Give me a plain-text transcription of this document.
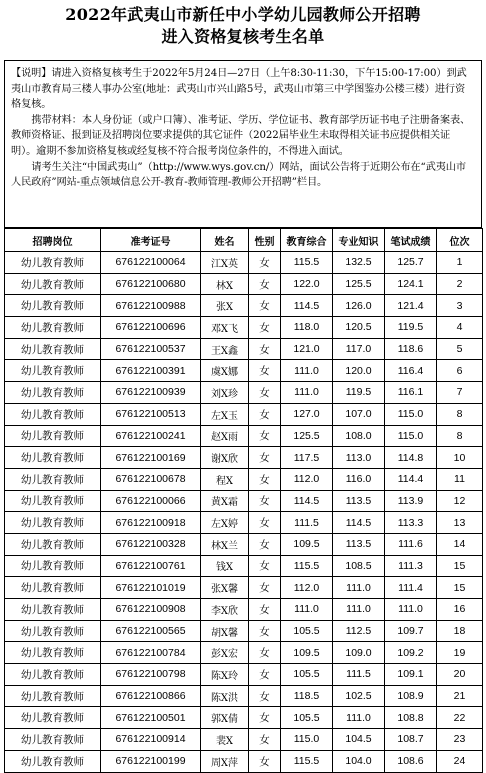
2022年武夷山市新任中小学幼儿园教师公开招聘
进入资格复核考生名单

【说明】请进入资格复核考生于2022年5月24日—27日（上午8:30-11:30，下午15:00-17:00）到武夷山市教育局三楼人事办公室(地址：武夷山市兴山路5号，武夷山市第三中学图鉴办公楼三楼）进行资格复核。

携带材料：本人身份证（或户口簿）、准考证、学历、学位证书、教育部学历证书电子注册备案表、教师资格证、报到证及招聘岗位要求提供的其它证件（2022届毕业生未取得相关证书应提供相关证明）。逾期不参加资格复核或经复核不符合报考岗位条件的，不得进入面试。

请考生关注“中国武夷山”（http://www.wys.gov.cn/）网站，面试公告将于近期公布在“武夷山市人民政府”网站-重点领域信息公开-教育-教师管理-教师公开招聘”栏目。

招聘岗位	准考证号	姓名	性别	教育综合	专业知识	笔试成绩	位次
幼儿教育教师	676122100064	江X英	女	115.5	132.5	125.7	1
幼儿教育教师	676122100680	林X	女	122.0	125.5	124.1	2
幼儿教育教师	676122100988	张X	女	114.5	126.0	121.4	3
幼儿教育教师	676122100696	邓X飞	女	118.0	120.5	119.5	4
幼儿教育教师	676122100537	王X鑫	女	121.0	117.0	118.6	5
幼儿教育教师	676122100391	虞X娜	女	111.0	120.0	116.4	6
幼儿教育教师	676122100939	刘X珍	女	111.0	119.5	116.1	7
幼儿教育教师	676122100513	左X玉	女	127.0	107.0	115.0	8
幼儿教育教师	676122100241	赵X雨	女	125.5	108.0	115.0	8
幼儿教育教师	676122100169	谢X欣	女	117.5	113.0	114.8	10
幼儿教育教师	676122100678	程X	女	112.0	116.0	114.4	11
幼儿教育教师	676122100066	黄X霜	女	114.5	113.5	113.9	12
幼儿教育教师	676122100918	左X婷	女	111.5	114.5	113.3	13
幼儿教育教师	676122100328	林X兰	女	109.5	113.5	111.6	14
幼儿教育教师	676122100761	钱X	女	115.5	108.5	111.3	15
幼儿教育教师	676122101019	张X馨	女	112.0	111.0	111.4	15
幼儿教育教师	676122100908	李X欣	女	111.0	111.0	111.0	16
幼儿教育教师	676122100565	胡X馨	女	105.5	112.5	109.7	18
幼儿教育教师	676122100784	彭X宏	女	109.5	109.0	109.2	19
幼儿教育教师	676122100798	陈X玲	女	105.5	111.5	109.1	20
幼儿教育教师	676122100866	陈X洪	女	118.5	102.5	108.9	21
幼儿教育教师	676122100501	郭X倩	女	105.5	111.0	108.8	22
幼儿教育教师	676122100914	裴X	女	115.0	104.5	108.7	23
幼儿教育教师	676122100199	周X萍	女	115.5	104.0	108.6	24
